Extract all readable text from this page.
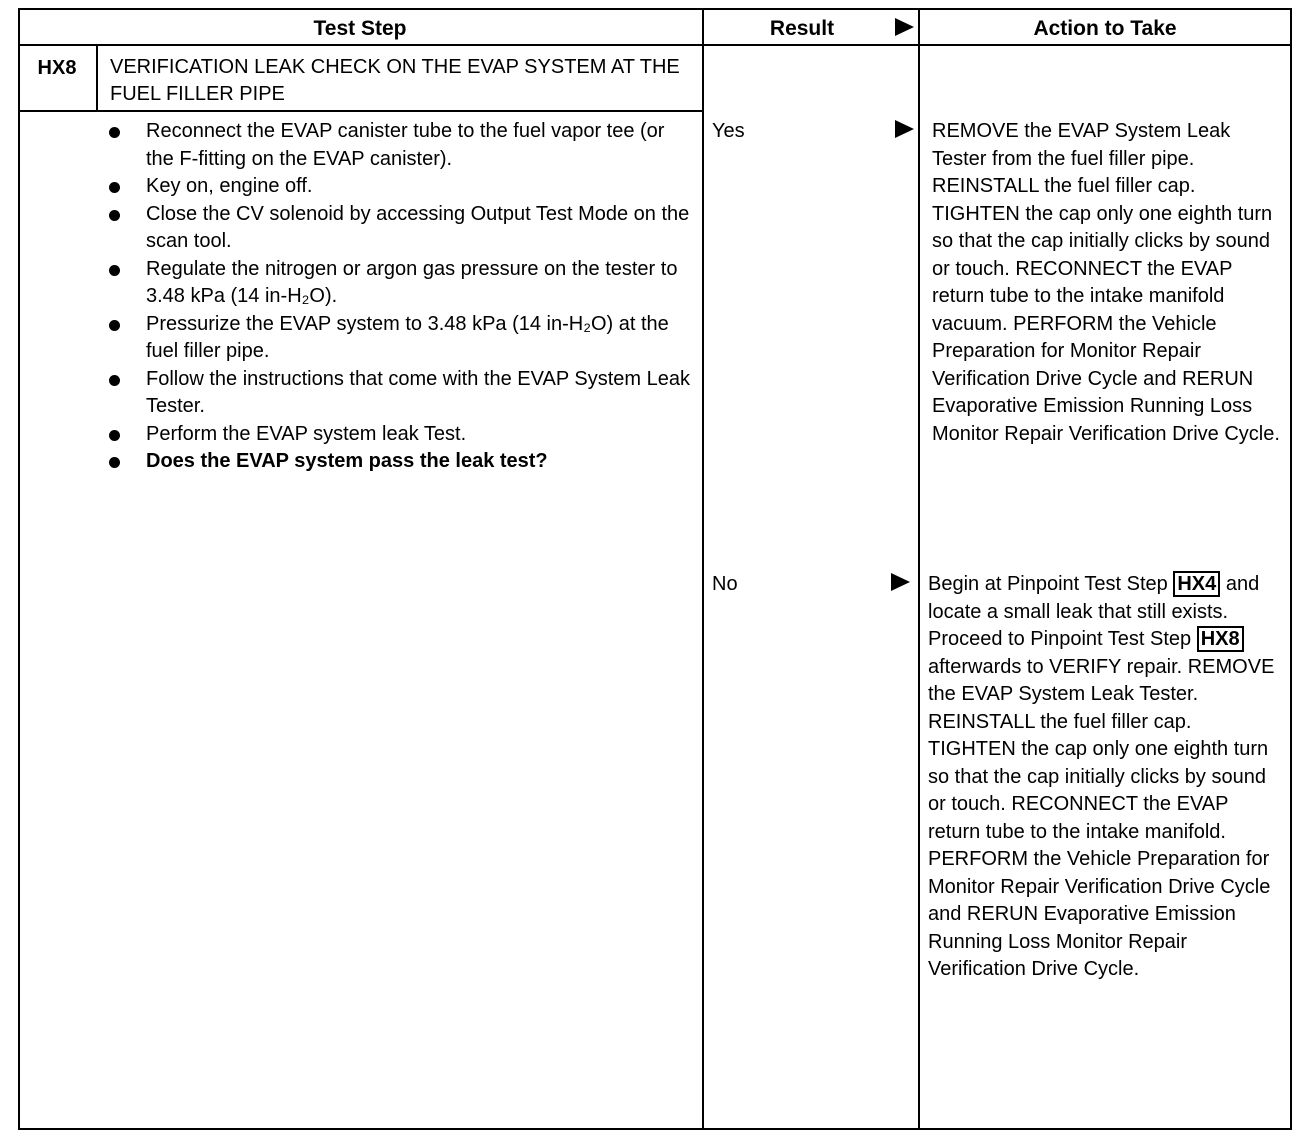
Test Step	Result	Action to Take
HX8	VERIFICATION LEAK CHECK ON THE EVAP SYSTEM AT THE FUEL FILLER PIPE
Reconnect the EVAP canister tube to the fuel vapor tee (or the F-fitting on the EVAP canister).
Key on, engine off.
Close the CV solenoid by accessing Output Test Mode on the scan tool.
Regulate the nitrogen or argon gas pressure on the tester to 3.48 kPa (14 in-H₂O).
Pressurize the EVAP system to 3.48 kPa (14 in-H₂O) at the fuel filler pipe.
Follow the instructions that come with the EVAP System Leak Tester.
Perform the EVAP system leak Test.
Does the EVAP system pass the leak test?
Yes	REMOVE the EVAP System Leak Tester from the fuel filler pipe. REINSTALL the fuel filler cap. TIGHTEN the cap only one eighth turn so that the cap initially clicks by sound or touch. RECONNECT the EVAP return tube to the intake manifold vacuum. PERFORM the Vehicle Preparation for Monitor Repair Verification Drive Cycle and RERUN Evaporative Emission Running Loss Monitor Repair Verification Drive Cycle.
No	Begin at Pinpoint Test Step HX4 and locate a small leak that still exists. Proceed to Pinpoint Test Step HX8 afterwards to VERIFY repair. REMOVE the EVAP System Leak Tester. REINSTALL the fuel filler cap. TIGHTEN the cap only one eighth turn so that the cap initially clicks by sound or touch. RECONNECT the EVAP return tube to the intake manifold. PERFORM the Vehicle Preparation for Monitor Repair Verification Drive Cycle and RERUN Evaporative Emission Running Loss Monitor Repair Verification Drive Cycle.
